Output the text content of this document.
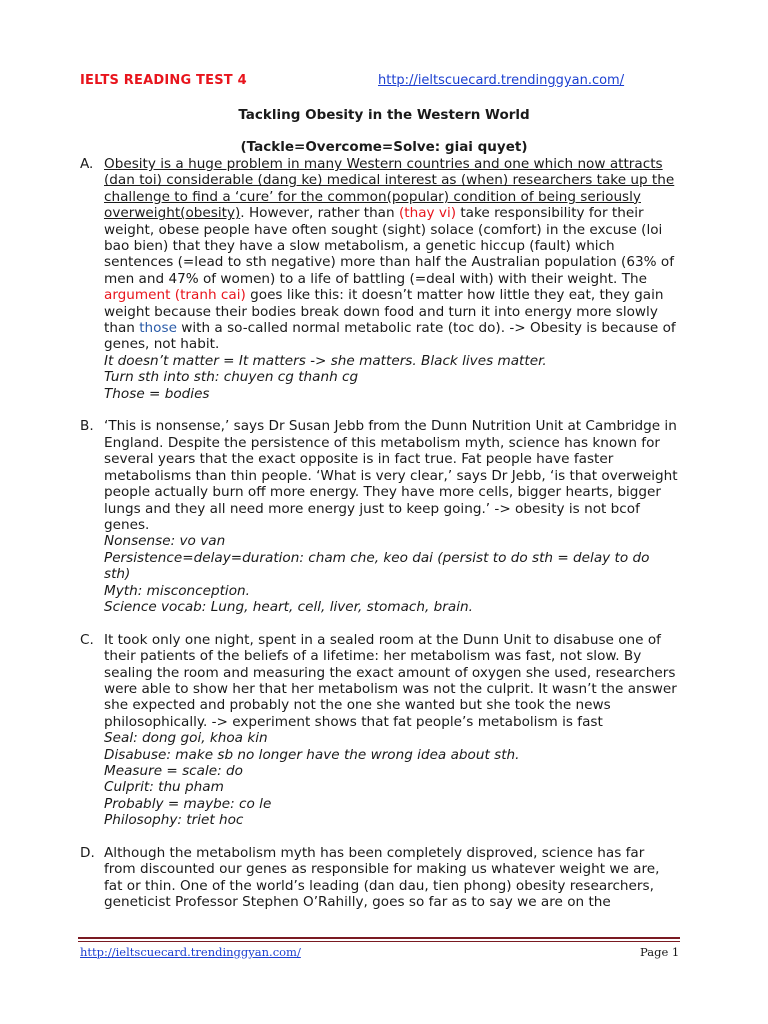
IELTS READING TEST 4	http://ieltscuecard.trendinggyan.com/
Tackling Obesity in the Western World
(Tackle=Overcome=Solve: giai quyet)
A. Obesity is a huge problem in many Western countries and one which now attracts (dan toi) considerable (dang ke) medical interest as (when) researchers take up the challenge to find a ‘cure’ for the common(popular) condition of being seriously overweight(obesity). However, rather than (thay vi) take responsibility for their weight, obese people have often sought (sight) solace (comfort) in the excuse (loi bao bien) that they have a slow metabolism, a genetic hiccup (fault) which sentences (=lead to sth negative) more than half the Australian population (63% of men and 47% of women) to a life of battling (=deal with) with their weight. The argument (tranh cai) goes like this: it doesn’t matter how little they eat, they gain weight because their bodies break down food and turn it into energy more slowly than those with a so-called normal metabolic rate (toc do). -> Obesity is because of genes, not habit.

It doesn’t matter = It matters -> she matters. Black lives matter.

Turn sth into sth: chuyen cg thanh cg

Those = bodies

B. ‘This is nonsense,’ says Dr Susan Jebb from the Dunn Nutrition Unit at Cambridge in England. Despite the persistence of this metabolism myth, science has known for several years that the exact opposite is in fact true. Fat people have faster metabolisms than thin people. ‘What is very clear,’ says Dr Jebb, ‘is that overweight people actually burn off more energy. They have more cells, bigger hearts, bigger lungs and they all need more energy just to keep going.’ -> obesity is not bcof genes.

Nonsense: vo van

Persistence=delay=duration: cham che, keo dai (persist to do sth = delay to do sth)

Myth: misconception.

Science vocab: Lung, heart, cell, liver, stomach, brain.

C. It took only one night, spent in a sealed room at the Dunn Unit to disabuse one of their patients of the beliefs of a lifetime: her metabolism was fast, not slow. By sealing the room and measuring the exact amount of oxygen she used, researchers were able to show her that her metabolism was not the culprit. It wasn’t the answer she expected and probably not the one she wanted but she took the news philosophically. -> experiment shows that fat people’s metabolism is fast

Seal: dong goi, khoa kin

Disabuse: make sb no longer have the wrong idea about sth.

Measure = scale: do

Culprit: thu pham

Probably = maybe: co le

Philosophy: triet hoc

D. Although the metabolism myth has been completely disproved, science has far from discounted our genes as responsible for making us whatever weight we are, fat or thin. One of the world’s leading (dan dau, tien phong) obesity researchers, geneticist Professor Stephen O’Rahilly, goes so far as to say we are on the

http://ieltscuecard.trendinggyan.com/	Page 1
